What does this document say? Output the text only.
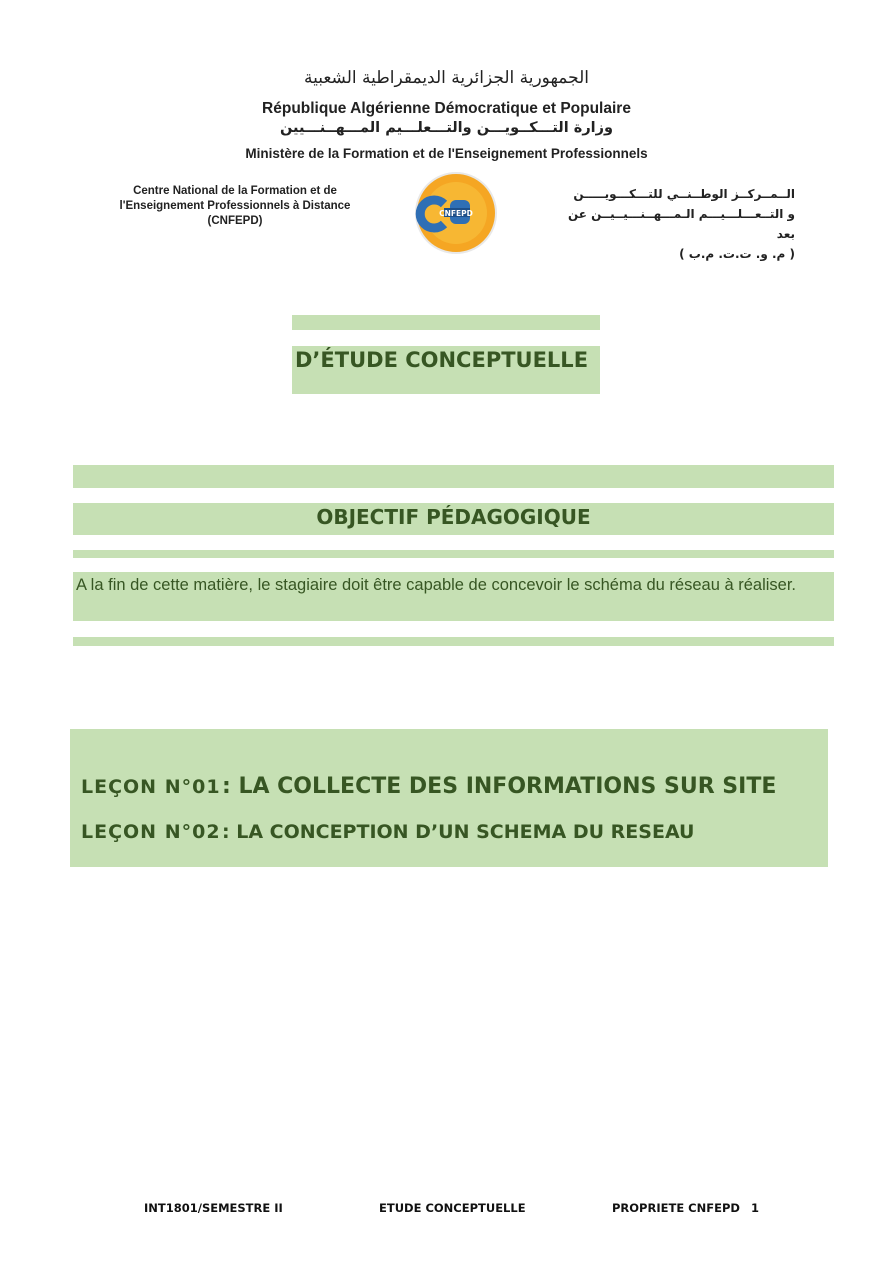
الجمهورية الجزائرية الديمقراطية الشعبية
République Algérienne Démocratique et Populaire
وزارة التـــكــويـــن والتـــعلـــيم المـــهــنـــيين
Ministère de la Formation et de l'Enseignement Professionnels
Centre National de la Formation et de
l'Enseignement Professionnels à Distance
(CNFEPD)
CNFEPD
الــمــركــز الوطــنــي للتـــكـــويـــــن
و التــعـــلـــيـــم الـمـــهــنـــيــيــن عن بعد
( م. و. ت.ت. م.ب )
D’ÉTUDE CONCEPTUELLE
OBJECTIF PÉDAGOGIQUE

A la fin de cette matière, le stagiaire doit être capable de concevoir le schéma du réseau à réaliser.

LEÇON N°01: LA COLLECTE DES INFORMATIONS SUR SITE
LEÇON N°02: LA CONCEPTION D’UN SCHEMA DU RESEAU
INT1801/SEMESTRE II	ETUDE CONCEPTUELLE	PROPRIETE CNFEPD 1
